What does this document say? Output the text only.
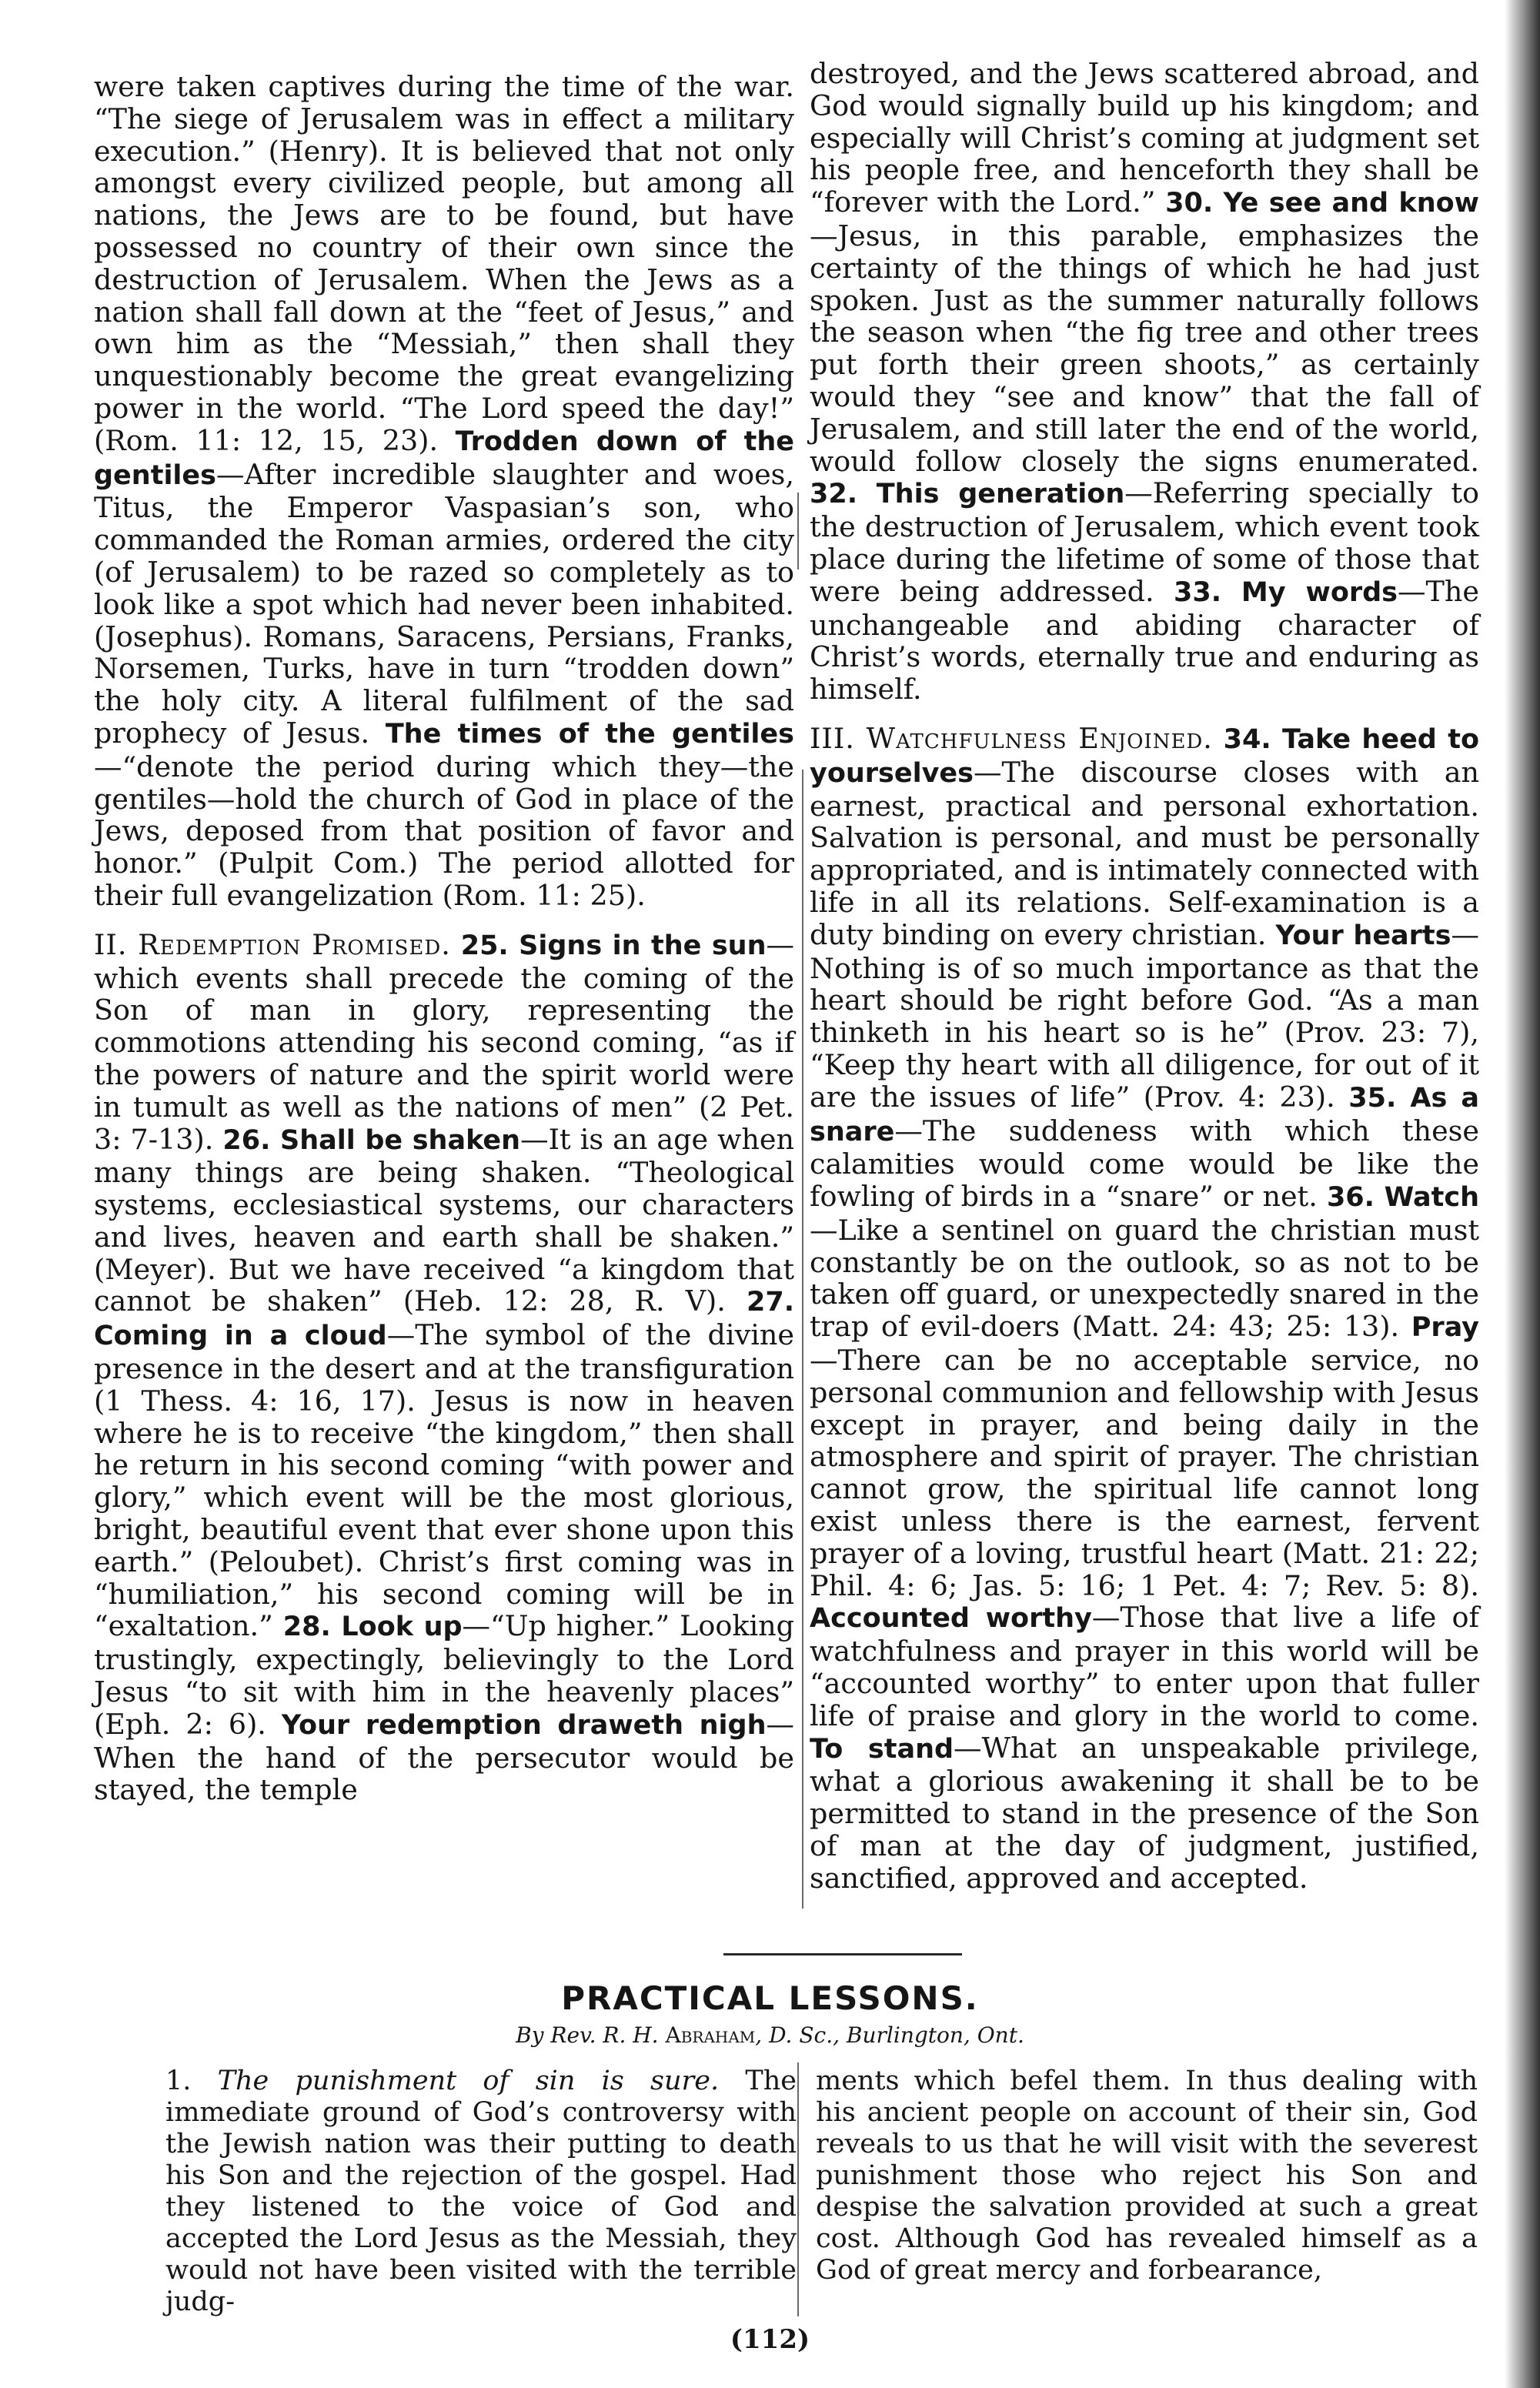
were taken captives during the time of the war. “The siege of Jerusalem was in effect a military execution.” (Henry). It is believed that not only amongst every civilized people, but among all nations, the Jews are to be found, but have possessed no country of their own since the destruction of Jerusalem. When the Jews as a nation shall fall down at the “feet of Jesus,” and own him as the “Messiah,” then shall they unquestionably become the great evangelizing power in the world. “The Lord speed the day!” (Rom. 11: 12, 15, 23). Trodden down of the gentiles—After incredible slaughter and woes, Titus, the Emperor Vaspasian’s son, who commanded the Roman armies, ordered the city (of Jerusalem) to be razed so completely as to look like a spot which had never been inhabited. (Josephus). Romans, Saracens, Persians, Franks, Norsemen, Turks, have in turn “trodden down” the holy city. A literal fulfilment of the sad prophecy of Jesus. The times of the gentiles—“denote the period during which they—the gentiles—hold the church of God in place of the Jews, deposed from that position of favor and honor.” (Pulpit Com.) The period allotted for their full evangelization (Rom. 11: 25).

II. Redemption Promised. 25. Signs in the sun—which events shall precede the coming of the Son of man in glory, representing the commotions attending his second coming, “as if the powers of nature and the spirit world were in tumult as well as the nations of men” (2 Pet. 3: 7-13). 26. Shall be shaken—It is an age when many things are being shaken. “Theological systems, ecclesiastical systems, our characters and lives, heaven and earth shall be shaken.” (Meyer). But we have received “a kingdom that cannot be shaken” (Heb. 12: 28, R. V). 27. Coming in a cloud—The symbol of the divine presence in the desert and at the transfiguration (1 Thess. 4: 16, 17). Jesus is now in heaven where he is to receive “the kingdom,” then shall he return in his second coming “with power and glory,” which event will be the most glorious, bright, beautiful event that ever shone upon this earth.” (Peloubet). Christ’s first coming was in “humiliation,” his second coming will be in “exaltation.” 28. Look up—“Up higher.” Looking trustingly, expectingly, believingly to the Lord Jesus “to sit with him in the heavenly places” (Eph. 2: 6). Your redemption draweth nigh—When the hand of the persecutor would be stayed, the temple

destroyed, and the Jews scattered abroad, and God would signally build up his kingdom; and especially will Christ’s coming at judgment set his people free, and henceforth they shall be “forever with the Lord.” 30. Ye see and know—Jesus, in this parable, emphasizes the certainty of the things of which he had just spoken. Just as the summer naturally follows the season when “the fig tree and other trees put forth their green shoots,” as certainly would they “see and know” that the fall of Jerusalem, and still later the end of the world, would follow closely the signs enumerated. 32. This generation—Referring specially to the destruction of Jerusalem, which event took place during the lifetime of some of those that were being addressed. 33. My words—The unchangeable and abiding character of Christ’s words, eternally true and enduring as himself.

III. Watchfulness Enjoined. 34. Take heed to yourselves—The discourse closes with an earnest, practical and personal exhortation. Salvation is personal, and must be personally appropriated, and is intimately connected with life in all its relations. Self-examination is a duty binding on every christian. Your hearts—Nothing is of so much importance as that the heart should be right before God. “As a man thinketh in his heart so is he” (Prov. 23: 7), “Keep thy heart with all diligence, for out of it are the issues of life” (Prov. 4: 23). 35. As a snare—The suddeness with which these calamities would come would be like the fowling of birds in a “snare” or net. 36. Watch—Like a sentinel on guard the christian must constantly be on the outlook, so as not to be taken off guard, or unexpectedly snared in the trap of evil-doers (Matt. 24: 43; 25: 13). Pray—There can be no acceptable service, no personal communion and fellowship with Jesus except in prayer, and being daily in the atmosphere and spirit of prayer. The christian cannot grow, the spiritual life cannot long exist unless there is the earnest, fervent prayer of a loving, trustful heart (Matt. 21: 22; Phil. 4: 6; Jas. 5: 16; 1 Pet. 4: 7; Rev. 5: 8). Accounted worthy—Those that live a life of watchfulness and prayer in this world will be “accounted worthy” to enter upon that fuller life of praise and glory in the world to come. To stand—What an unspeakable privilege, what a glorious awakening it shall be to be permitted to stand in the presence of the Son of man at the day of judgment, justified, sanctified, approved and accepted.

PRACTICAL LESSONS.
By Rev. R. H. Abraham, D. Sc., Burlington, Ont.

1. The punishment of sin is sure. The immediate ground of God’s controversy with the Jewish nation was their putting to death his Son and the rejection of the gospel. Had they listened to the voice of God and accepted the Lord Jesus as the Messiah, they would not have been visited with the terrible judg-

ments which befel them. In thus dealing with his ancient people on account of their sin, God reveals to us that he will visit with the severest punishment those who reject his Son and despise the salvation provided at such a great cost. Although God has revealed himself as a God of great mercy and forbearance,

(112)
